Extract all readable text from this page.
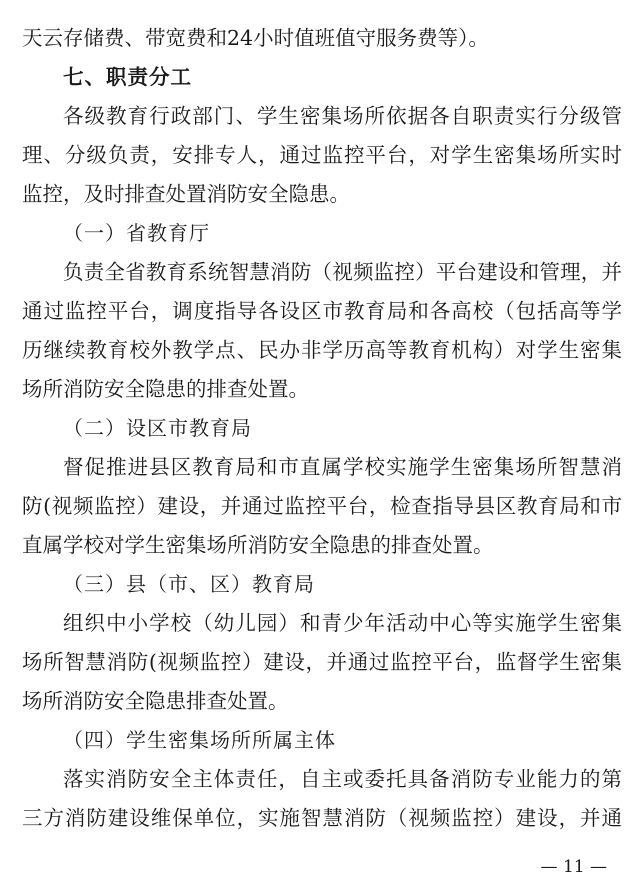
天云存储费、带宽费和24小时值班值守服务费等）。
七、职责分工
各级教育行政部门、学生密集场所依据各自职责实行分级管
理、分级负责，安排专人，通过监控平台，对学生密集场所实时
监控，及时排查处置消防安全隐患。
（一）省教育厅
负责全省教育系统智慧消防（视频监控）平台建设和管理，并
通过监控平台，调度指导各设区市教育局和各高校（包括高等学
历继续教育校外教学点、民办非学历高等教育机构）对学生密集
场所消防安全隐患的排查处置。
（二）设区市教育局
督促推进县区教育局和市直属学校实施学生密集场所智慧消
防(视频监控）建设，并通过监控平台，检查指导县区教育局和市
直属学校对学生密集场所消防安全隐患的排查处置。
（三）县（市、区）教育局
组织中小学校（幼儿园）和青少年活动中心等实施学生密集
场所智慧消防(视频监控）建设，并通过监控平台，监督学生密集
场所消防安全隐患排查处置。
（四）学生密集场所所属主体
落实消防安全主体责任，自主或委托具备消防专业能力的第
三方消防建设维保单位，实施智慧消防（视频监控）建设，并通
— 11 —
